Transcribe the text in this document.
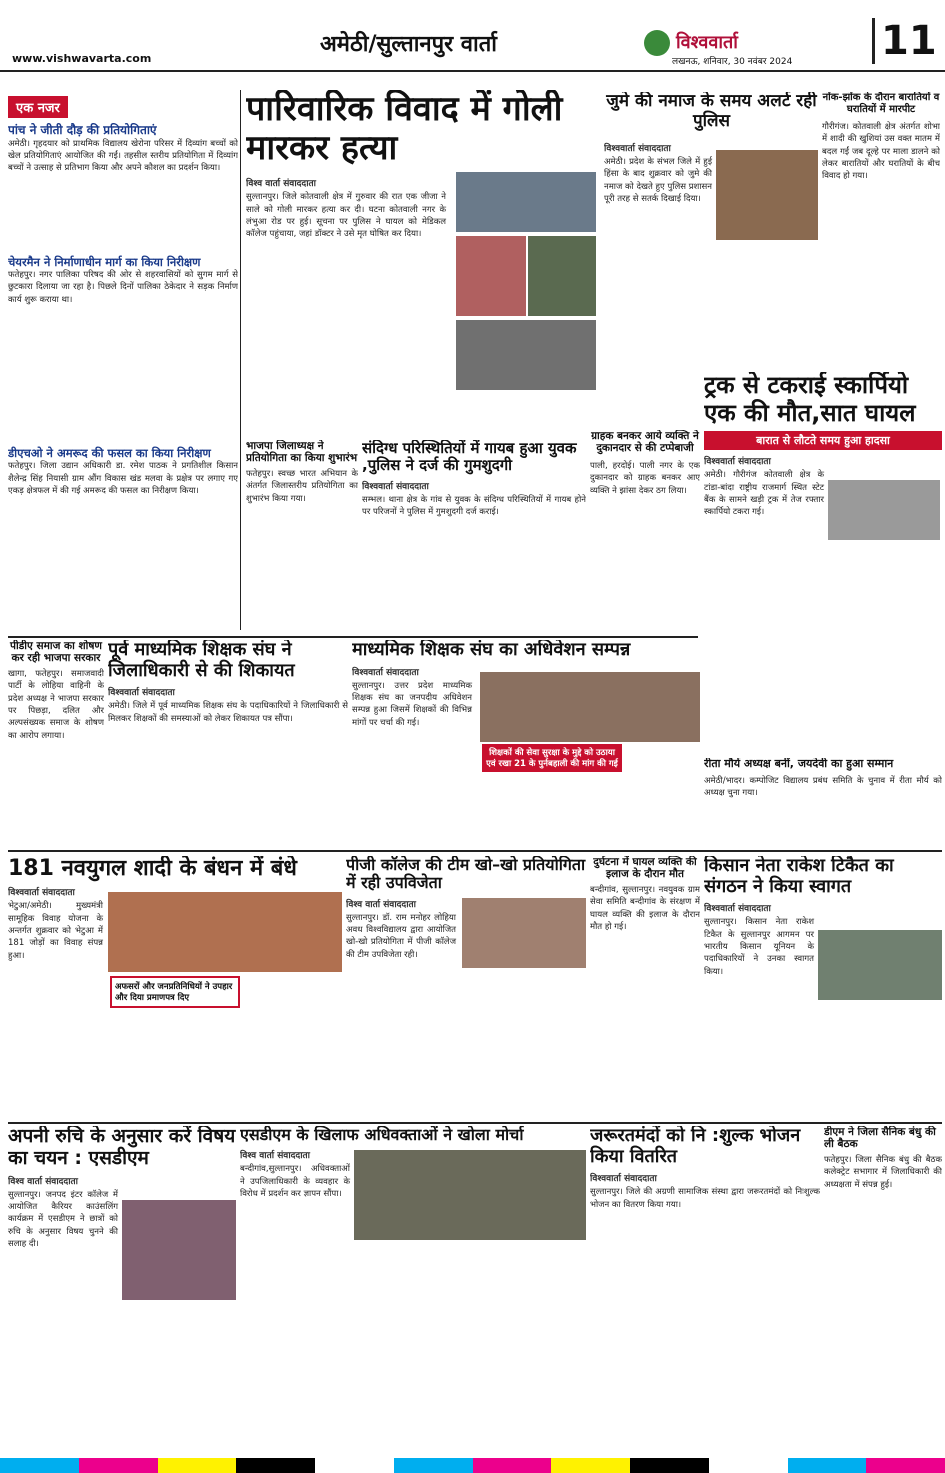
www.vishwavarta.com
अमेठी/सुल्तानपुर वार्ता	विश्ववार्ता
लखनऊ, शनिवार, 30 नवंबर 2024 11
एक नजर
पांच ने जीती दौड़ की प्रतियोगिताएं
अमेठी। गृहदयार को प्राथमिक विद्यालय खेरोना परिसर में दिव्यांग बच्चों को खेल प्रतियोगिताएं आयोजित की गईं। तहसील स्तरीय प्रतियोगिता में दिव्यांग बच्चों ने उत्साह से प्रतिभाग किया और अपने कौशल का प्रदर्शन किया।
चेयरमैन ने निर्माणाधीन मार्ग का किया निरीक्षण
फतेहपुर। नगर पालिका परिषद की ओर से शहरवासियों को सुगम मार्ग से छुटकारा दिलाया जा रहा है। पिछले दिनों पालिका ठेकेदार ने सड़क निर्माण कार्य शुरू कराया था।
डीएचओ ने अमरूद की फसल का किया निरीक्षण
फतेहपुर। जिला उद्यान अधिकारी डा. रमेश पाठक ने प्रगतिशील किसान शैलेन्द्र सिंह नियासी ग्राम औंग विकास खंड मलवा के प्रक्षेत्र पर लगाए गए एकड़ क्षेत्रफल में की गई अमरूद की फसल का निरीक्षण किया।
पारिवारिक विवाद में गोली मारकर हत्या
विश्व वार्ता संवाददाता
सुल्तानपुर। जिले कोतवाली क्षेत्र में गुरुवार की रात एक जीजा ने साले को गोली मारकर हत्या कर दी। घटना कोतवाली नगर के लंभुआ रोड पर हुई। सूचना पर पुलिस ने घायल को मेडिकल कॉलेज पहुंचाया, जहां डॉक्टर ने उसे मृत घोषित कर दिया।
जुमे की नमाज के समय अलर्ट रही पुलिस
विश्ववार्ता संवाददाता
अमेठी। प्रदेश के संभल जिले में हुई हिंसा के बाद शुक्रवार को जुमे की नमाज को देखते हुए पुलिस प्रशासन पूरी तरह से सतर्क दिखाई दिया।
ग्राहक बनकर आये व्यक्ति ने दुकानदार से की टप्पेबाजी
पाली, हरदोई। पाली नगर के एक दुकानदार को ग्राहक बनकर आए व्यक्ति ने झांसा देकर ठग लिया।
नोंक-झोंक के दौरान बारातियों व घरातियों में मारपीट
गौरीगंज। कोतवाली क्षेत्र अंतर्गत शोभा में शादी की खुशियां उस वक्त मातम में बदल गईं जब दूल्हे पर माला डालने को लेकर बारातियों और घरातियों के बीच विवाद हो गया।
ट्रक से टकराई स्कार्पियो एक की मौत,सात घायल
बारात से लौटते समय हुआ हादसा
विश्ववार्ता संवाददाता
अमेठी। गौरीगंज कोतवाली क्षेत्र के टांडा-बांदा राष्ट्रीय राजमार्ग स्थित स्टेट बैंक के सामने खड़ी ट्रक में तेज रफ्तार स्कार्पियो टकरा गई।
रीता मौर्य अध्यक्ष बनीं, जयदेवी का हुआ सम्मान
अमेठी/भादर। कम्पोजिट विद्यालय प्रबंध समिति के चुनाव में रीता मौर्य को अध्यक्ष चुना गया।
संदिग्ध परिस्थितियों में गायब हुआ युवक ,पुलिस ने दर्ज की गुमशुदगी
विश्ववार्ता संवाददाता
सम्भल। थाना क्षेत्र के गांव से युवक के संदिग्ध परिस्थितियों में गायब होने पर परिजनों ने पुलिस में गुमशुदगी दर्ज कराई।
भाजपा जिलाध्यक्ष ने प्रतियोगिता का किया शुभारंभ
फतेहपुर। स्वच्छ भारत अभियान के अंतर्गत जिलास्तरीय प्रतियोगिता का शुभारंभ किया गया।
पीडीए समाज का शोषण कर रही भाजपा सरकार
खागा, फतेहपुर। समाजवादी पार्टी के लोहिया वाहिनी के प्रदेश अध्यक्ष ने भाजपा सरकार पर पिछड़ा, दलित और अल्पसंख्यक समाज के शोषण का आरोप लगाया।
पूर्व माध्यमिक शिक्षक संघ ने जिलाधिकारी से की शिकायत
विश्ववार्ता संवाददाता
अमेठी। जिले में पूर्व माध्यमिक शिक्षक संघ के पदाधिकारियों ने जिलाधिकारी से मिलकर शिक्षकों की समस्याओं को लेकर शिकायत पत्र सौंपा।
माध्यमिक शिक्षक संघ का अधिवेशन सम्पन्न
विश्ववार्ता संवाददाता
सुल्तानपुर। उत्तर प्रदेश माध्यमिक शिक्षक संघ का जनपदीय अधिवेशन सम्पन्न हुआ जिसमें शिक्षकों की विभिन्न मांगों पर चर्चा की गई।
शिक्षकों की सेवा सुरक्षा के मुद्दे को उठाया एवं रखा 21 के पुर्नबहाली की मांग की गई
181 नवयुगल शादी के बंधन में बंधे
विश्ववार्ता संवाददाता
भेटुआ/अमेठी। मुख्यमंत्री सामूहिक विवाह योजना के अन्तर्गत शुक्रवार को भेटुआ में 181 जोड़ों का विवाह संपन्न हुआ।
अफसरों और जनप्रतिनिधियों ने उपहार और दिया प्रमाणपत्र दिए
पीजी कॉलेज की टीम खो–खो प्रतियोगिता में रही उपविजेता
विश्व वार्ता संवाददाता
सुल्तानपुर। डॉ. राम मनोहर लोहिया अवध विश्वविद्यालय द्वारा आयोजित खो-खो प्रतियोगिता में पीजी कॉलेज की टीम उपविजेता रही।
दुर्घटना में घायल व्यक्ति की इलाज के दौरान मौत
बन्दीगांव, सुल्तानपुर। नवयुवक ग्राम सेवा समिति बन्दीगांव के संरक्षण में घायल व्यक्ति की इलाज के दौरान मौत हो गई।
किसान नेता राकेश टिकैत का संगठन ने किया स्वागत
विश्ववार्ता संवाददाता
सुल्तानपुर। किसान नेता राकेश टिकैत के सुल्तानपुर आगमन पर भारतीय किसान यूनियन के पदाधिकारियों ने उनका स्वागत किया।
अपनी रुचि के अनुसार करें विषय का चयन : एसडीएम
विश्व वार्ता संवाददाता
सुल्तानपुर। जनपद इंटर कॉलेज में आयोजित कैरियर काउंसलिंग कार्यक्रम में एसडीएम ने छात्रों को रुचि के अनुसार विषय चुनने की सलाह दी।
एसडीएम के खिलाफ अधिवक्ताओं ने खोला मोर्चा
विश्व वार्ता संवाददाता
बन्दीगांव,सुल्तानपुर। अधिवक्ताओं ने उपजिलाधिकारी के व्यवहार के विरोध में प्रदर्शन कर ज्ञापन सौंपा।
जरूरतमंदों को नि :शुल्क भोजन किया वितरित
विश्ववार्ता संवाददाता
सुल्तानपुर। जिले की अग्रणी सामाजिक संस्था द्वारा जरूरतमंदों को निःशुल्क भोजन का वितरण किया गया।
डीएम ने जिला सैनिक बंधु की ली बैठक
फतेहपुर। जिला सैनिक बंधु की बैठक कलेक्ट्रेट सभागार में जिलाधिकारी की अध्यक्षता में संपन्न हुई।
